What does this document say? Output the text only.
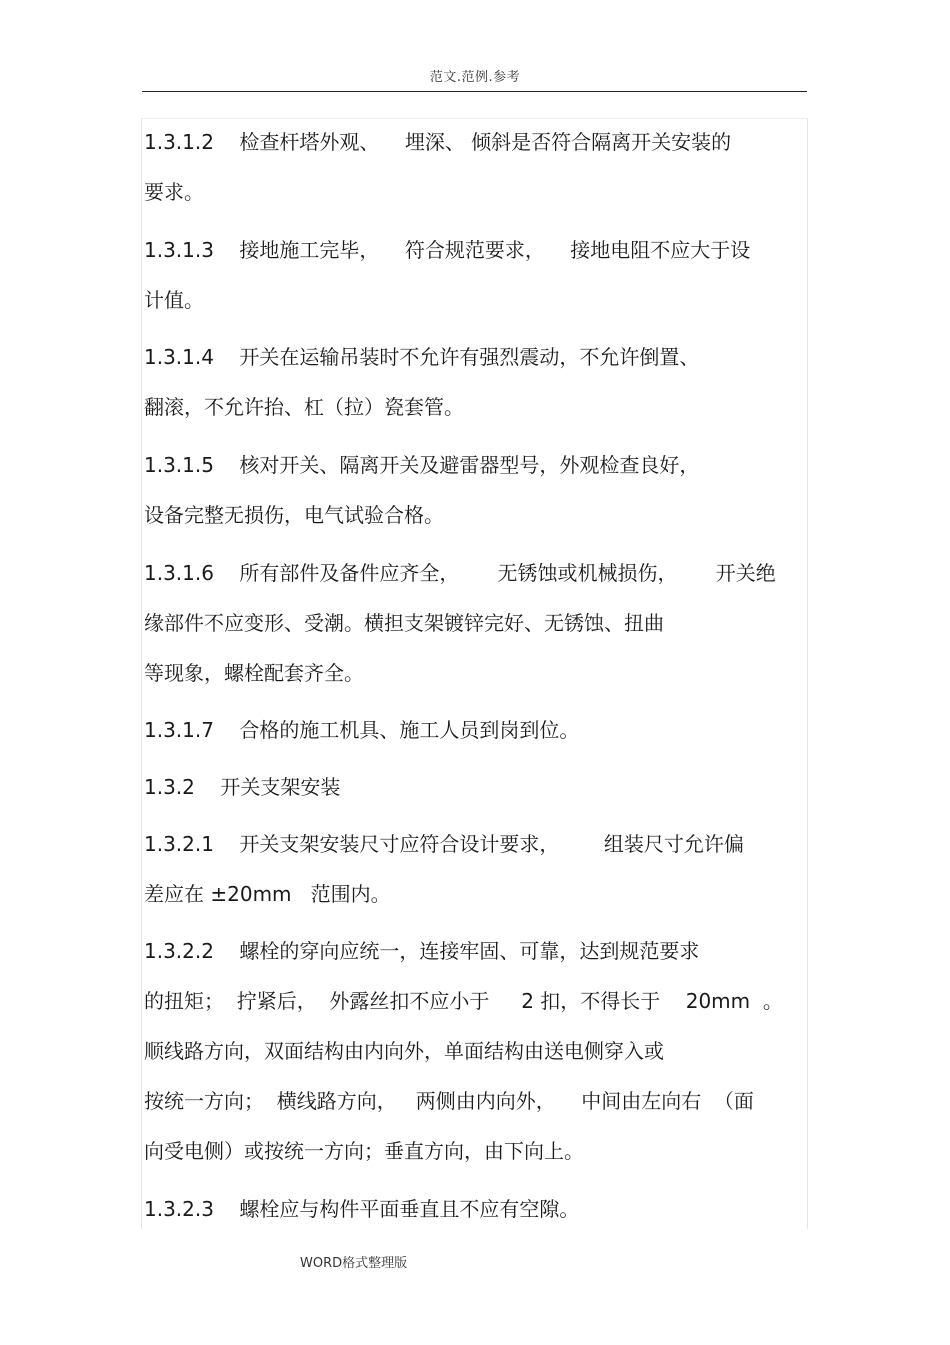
范文.范例.参考
1.3.1.2    检查杆塔外观、    埋深、 倾斜是否符合隔离开关安装的
要求。
1.3.1.3    接地施工完毕，    符合规范要求，    接地电阻不应大于设
计值。
1.3.1.4    开关在运输吊装时不允许有强烈震动，不允许倒置、
翻滚，不允许抬、杠（拉）瓷套管。
1.3.1.5    核对开关、隔离开关及避雷器型号，外观检查良好，
设备完整无损伤，电气试验合格。
1.3.1.6    所有部件及备件应齐全，      无锈蚀或机械损伤，      开关绝
缘部件不应变形、受潮。横担支架镀锌完好、无锈蚀、扭曲
等现象，螺栓配套齐全。
1.3.1.7    合格的施工机具、施工人员到岗到位。
1.3.2    开关支架安装
1.3.2.1    开关支架安装尺寸应符合设计要求，       组装尺寸允许偏
差应在 ±20mm   范围内。
1.3.2.2    螺栓的穿向应统一，连接牢固、可靠，达到规范要求
的扭矩；  拧紧后，  外露丝扣不应小于     2 扣，不得长于    20mm  。
顺线路方向，双面结构由内向外，单面结构由送电侧穿入或
按统一方向；  横线路方向，   两侧由内向外，    中间由左向右  （面
向受电侧）或按统一方向；垂直方向，由下向上。
1.3.2.3    螺栓应与构件平面垂直且不应有空隙。
WORD格式整理版
